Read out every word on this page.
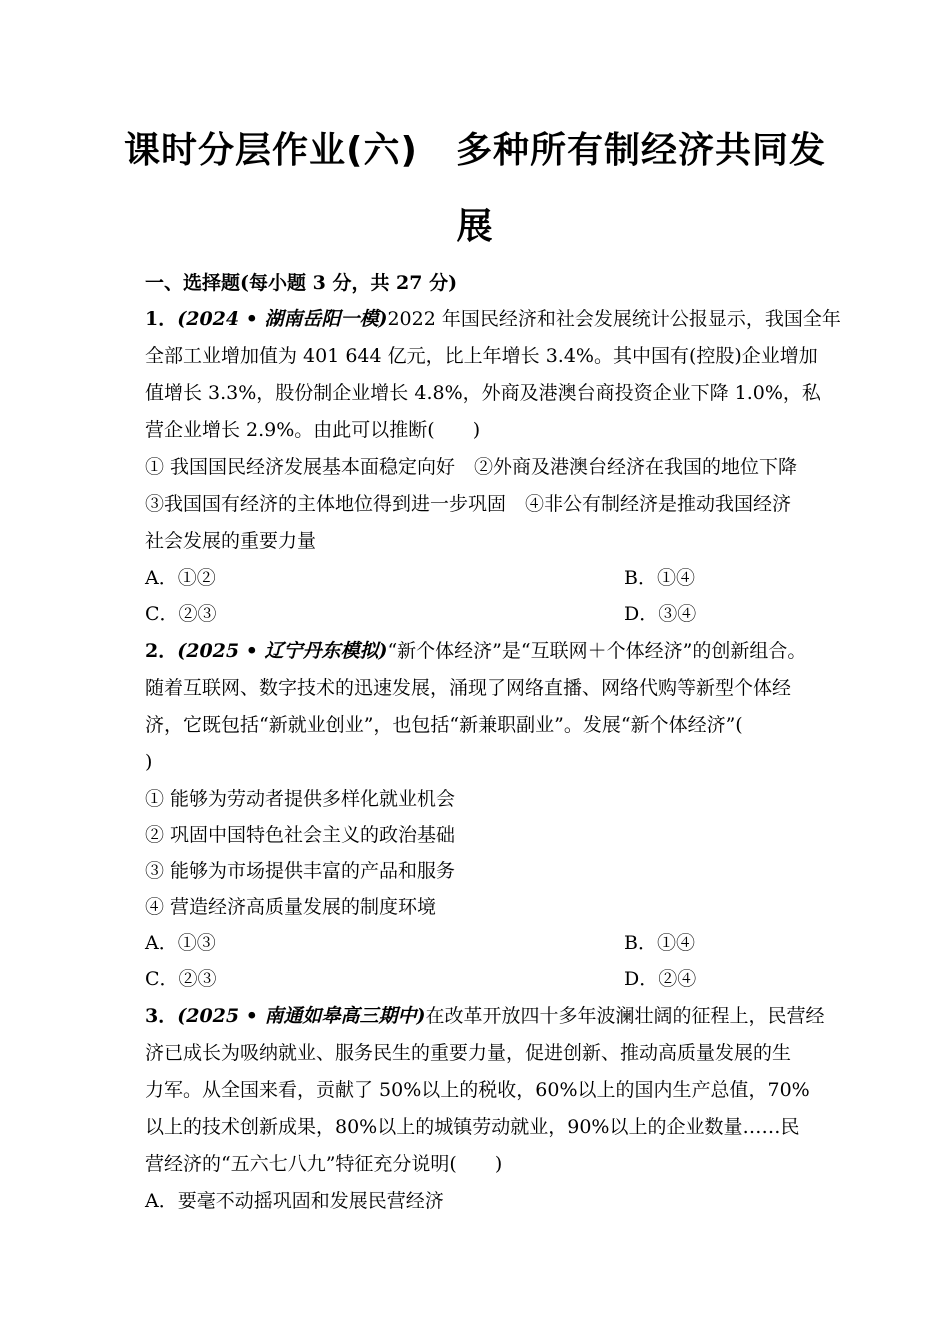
课时分层作业(六) 多种所有制经济共同发
展
一、选择题(每小题 3 分，共 27 分)
1．(2024 • 湖南岳阳一模)2022 年国民经济和社会发展统计公报显示，我国全年
全部工业增加值为 401 644 亿元，比上年增长 3.4%。其中国有(控股)企业增加
值增长 3.3%，股份制企业增长 4.8%，外商及港澳台商投资企业下降 1.0%，私
营企业增长 2.9%。由此可以推断(　　)
① 我国国民经济发展基本面稳定向好　②外商及港澳台经济在我国的地位下降
③我国国有经济的主体地位得到进一步巩固　④非公有制经济是推动我国经济
社会发展的重要力量
A．①②	B．①④
C．②③	D．③④
2．(2025 • 辽宁丹东模拟)“新个体经济”是“互联网＋个体经济”的创新组合。
随着互联网、数字技术的迅速发展，涌现了网络直播、网络代购等新型个体经
济，它既包括“新就业创业”，也包括“新兼职副业”。发展“新个体经济”(
)
① 能够为劳动者提供多样化就业机会
② 巩固中国特色社会主义的政治基础
③ 能够为市场提供丰富的产品和服务
④ 营造经济高质量发展的制度环境
A．①③	B．①④
C．②③	D．②④
3．(2025 • 南通如皋高三期中)在改革开放四十多年波澜壮阔的征程上，民营经
济已成长为吸纳就业、服务民生的重要力量，促进创新、推动高质量发展的生
力军。从全国来看，贡献了 50%以上的税收，60%以上的国内生产总值，70%
以上的技术创新成果，80%以上的城镇劳动就业，90%以上的企业数量……民
营经济的“五六七八九”特征充分说明(　　)
A．要毫不动摇巩固和发展民营经济
